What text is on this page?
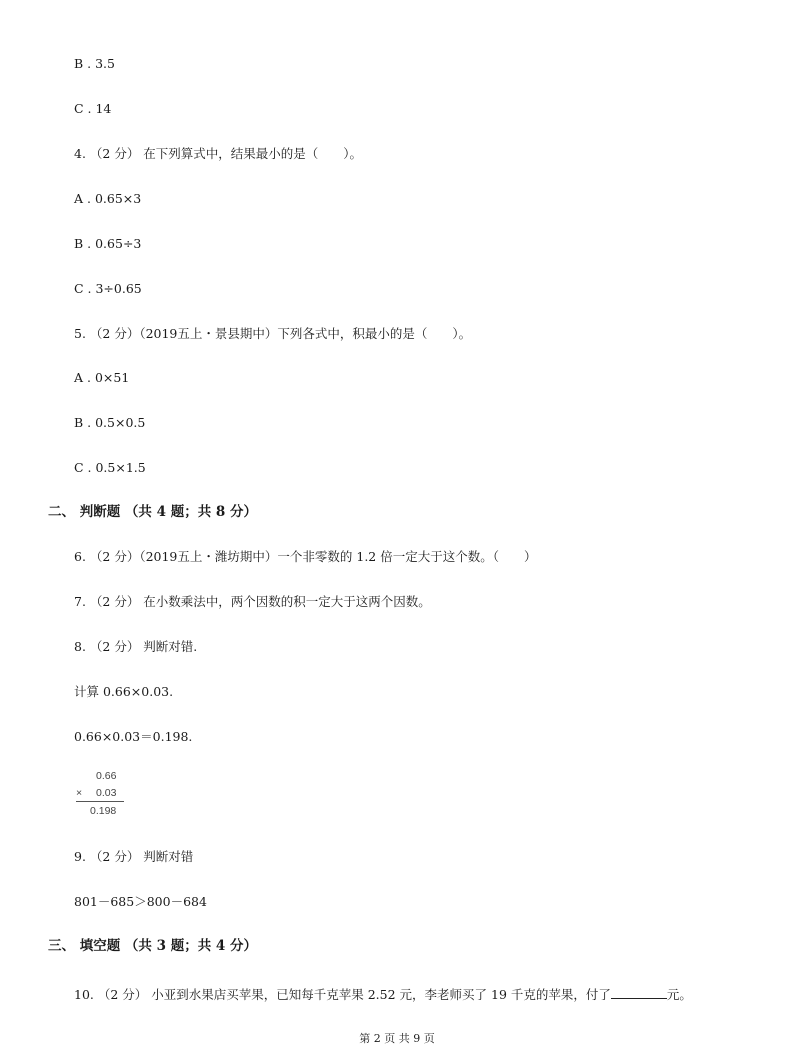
B . 3.5
C . 14
4. （2 分） 在下列算式中，结果最小的是（　　）。
A . 0.65×3
B . 0.65÷3
C . 3÷0.65
5. （2 分）（2019五上・景县期中）下列各式中，积最小的是（　　）。
A . 0×51
B . 0.5×0.5
C . 0.5×1.5
二、 判断题 （共 4 题；共 8 分）
6. （2 分）（2019五上・潍坊期中）一个非零数的 1.2 倍一定大于这个数。（　　）
7. （2 分） 在小数乘法中，两个因数的积一定大于这两个因数。
8. （2 分） 判断对错.
计算 0.66×0.03.
0.66×0.03＝0.198.
0.66
× 0.03
0.198
9. （2 分） 判断对错
801－685＞800－684
三、 填空题 （共 3 题；共 4 分）
10. （2 分） 小亚到水果店买苹果，已知每千克苹果 2.52 元，李老师买了 19 千克的苹果，付了	元。
第 2 页 共 9 页
